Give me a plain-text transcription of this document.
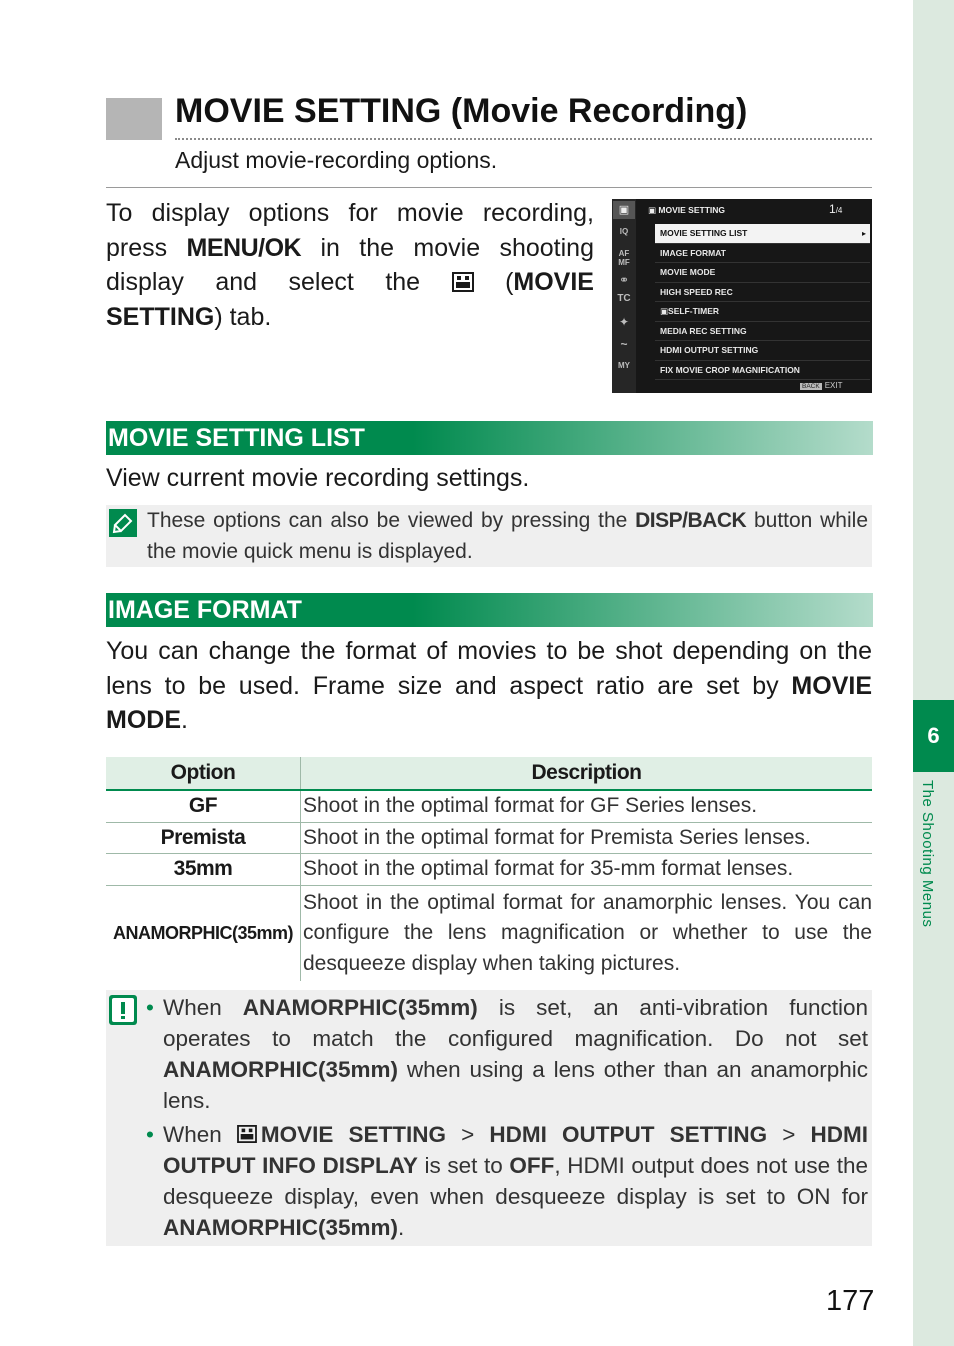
6
The Shooting Menus
MOVIE SETTING (Movie Recording)
Adjust movie-recording options.

To display options for movie recording, press MENU/OK in the movie shooting display and select the  (MOVIE SETTING) tab.

▣
IQ
AF MF
⚭
TC
✦
~
MY
▣ MOVIE SETTING	1/4
MOVIE SETTING LIST ▸
IMAGE FORMAT
MOVIE MODE
HIGH SPEED REC
▣SELF-TIMER
MEDIA REC SETTING
HDMI OUTPUT SETTING
FIX MOVIE CROP MAGNIFICATION
BACK EXIT
MOVIE SETTING LIST

View current movie recording settings.

These options can also be viewed by pressing the DISP/BACK button while the movie quick menu is displayed.

IMAGE FORMAT

You can change the format of movies to be shot depending on the lens to be used. Frame size and aspect ratio are set by MOVIE MODE.

Option	Description
GF	Shoot in the optimal format for GF Series lenses.
Premista	Shoot in the optimal format for Premista Series lenses.
35mm	Shoot in the optimal format for 35-mm format lenses.
ANAMORPHIC(35mm)	Shoot in the optimal format for anamorphic lenses. You can configure the lens magnification or whether to use the desqueeze display when taking pictures.

• When ANAMORPHIC(35mm) is set, an anti-vibration function operates to match the configured magnification. Do not set ANAMORPHIC(35mm) when using a lens other than an anamorphic lens.

• When MOVIE SETTING > HDMI OUTPUT SETTING > HDMI OUTPUT INFO DISPLAY is set to OFF, HDMI output does not use the desqueeze display, even when desqueeze display is set to ON for ANAMORPHIC(35mm).

177
